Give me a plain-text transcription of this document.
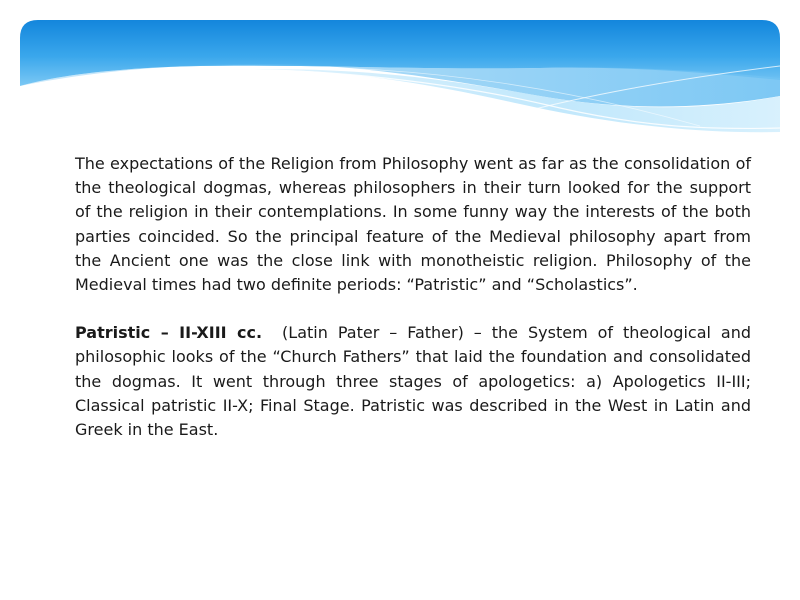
The expectations of the Religion from Philosophy went as far as the consolidation of the theological dogmas, whereas philosophers in their turn looked for the support of the religion in their contemplations. In some funny way the interests of the both parties coincided. So the principal feature of the Medieval philosophy apart from the Ancient one was the close link with monotheistic religion. Philosophy of the Medieval times had two definite periods: “Patristic” and “Scholastics”.

Patristic – II-XIII cc.  (Latin Pater – Father) – the System of theological and philosophic looks of the “Church Fathers” that laid the foundation and consolidated the dogmas. It went through three stages of apologetics: a) Apologetics II-III; Classical patristic II-X; Final Stage. Patristic was described in the West in Latin and Greek in the East.
